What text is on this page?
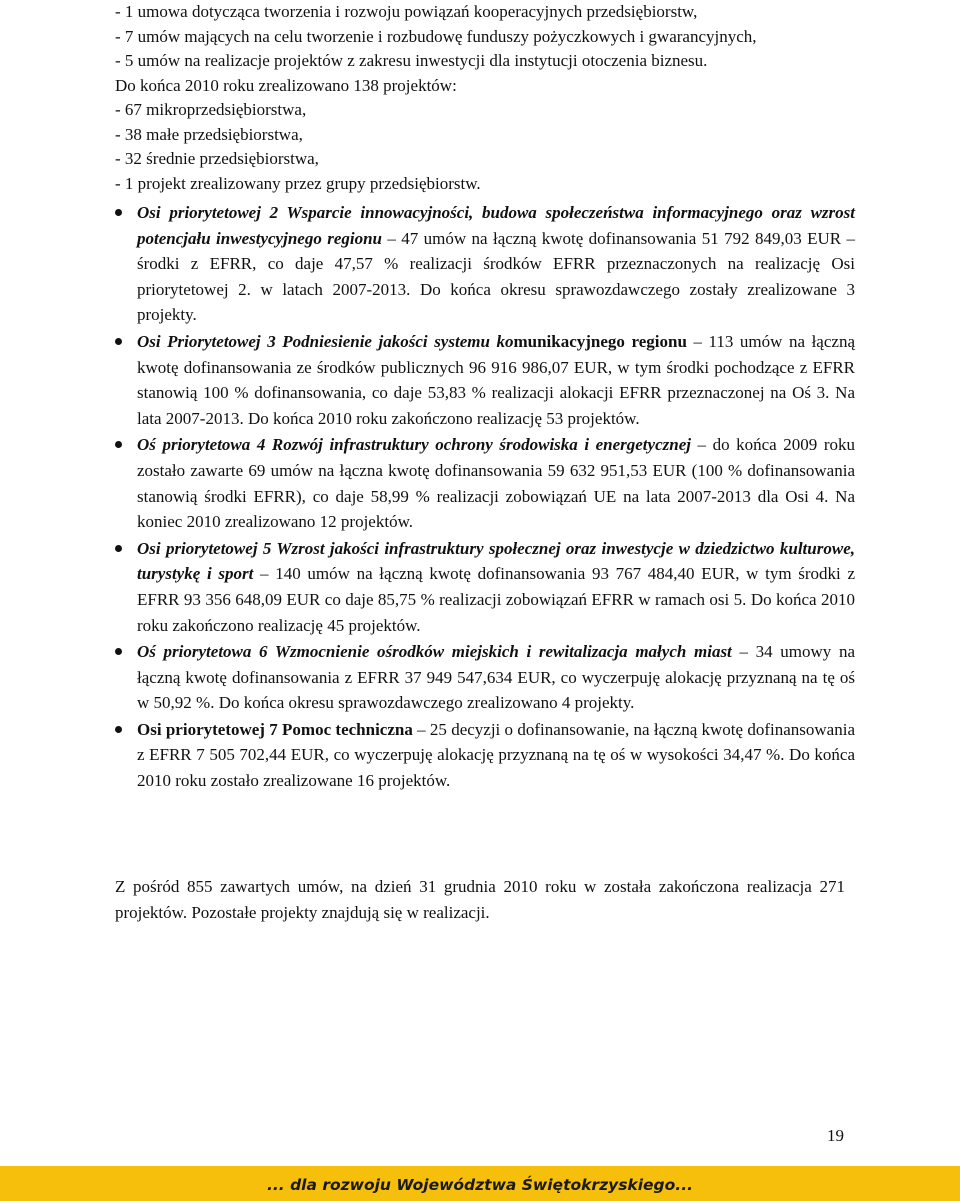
- 1 umowa dotycząca tworzenia i rozwoju powiązań kooperacyjnych przedsiębiorstw,
- 7 umów mających na celu tworzenie i rozbudowę funduszy pożyczkowych i gwarancyjnych,
- 5 umów na realizacje projektów z zakresu inwestycji dla instytucji otoczenia biznesu.
Do końca 2010 roku zrealizowano 138 projektów:
- 67 mikroprzedsiębiorstwa,
- 38 małe przedsiębiorstwa,
- 32 średnie przedsiębiorstwa,
- 1 projekt zrealizowany przez grupy przedsiębiorstw.
Osi priorytetowej 2 Wsparcie innowacyjności, budowa społeczeństwa informacyjnego oraz wzrost potencjału inwestycyjnego regionu – 47 umów na łączną kwotę dofinansowania 51 792 849,03 EUR – środki z EFRR, co daje 47,57 % realizacji środków EFRR przeznaczonych na realizację Osi priorytetowej 2. w latach 2007-2013. Do końca okresu sprawozdawczego zostały zrealizowane 3 projekty.
Osi Priorytetowej 3 Podniesienie jakości systemu komunikacyjnego regionu – 113 umów na łączną kwotę dofinansowania ze środków publicznych 96 916 986,07 EUR, w tym środki pochodzące z EFRR stanowią 100 % dofinansowania, co daje 53,83 % realizacji alokacji EFRR przeznaczonej na Oś 3. Na lata 2007-2013. Do końca 2010 roku zakończono realizację 53 projektów.
Oś priorytetowa 4 Rozwój infrastruktury ochrony środowiska i energetycznej – do końca 2009 roku zostało zawarte 69 umów na łączna kwotę dofinansowania 59 632 951,53 EUR (100 % dofinansowania stanowią środki EFRR), co daje 58,99 % realizacji zobowiązań UE na lata 2007-2013 dla Osi 4. Na koniec 2010 zrealizowano 12 projektów.
Osi priorytetowej 5 Wzrost jakości infrastruktury społecznej oraz inwestycje w dziedzictwo kulturowe, turystykę i sport – 140 umów na łączną kwotę dofinansowania 93 767 484,40 EUR, w tym środki z EFRR 93 356 648,09 EUR co daje 85,75 % realizacji zobowiązań EFRR w ramach osi 5. Do końca 2010 roku zakończono realizację 45 projektów.
Oś priorytetowa 6 Wzmocnienie ośrodków miejskich i rewitalizacja małych miast – 34 umowy na łączną kwotę dofinansowania z EFRR 37 949 547,634 EUR, co wyczerpuję alokację przyznaną na tę oś w 50,92 %. Do końca okresu sprawozdawczego zrealizowano 4 projekty.
Osi priorytetowej 7 Pomoc techniczna – 25 decyzji o dofinansowanie, na łączną kwotę dofinansowania z EFRR 7 505 702,44 EUR, co wyczerpuję alokację przyznaną na tę oś w wysokości 34,47 %. Do końca 2010 roku zostało zrealizowane 16 projektów.
Z pośród 855 zawartych umów, na dzień 31 grudnia 2010 roku w została zakończona realizacja 271 projektów. Pozostałe projekty znajdują się w realizacji.
19
... dla rozwoju Województwa Świętokrzyskiego...
